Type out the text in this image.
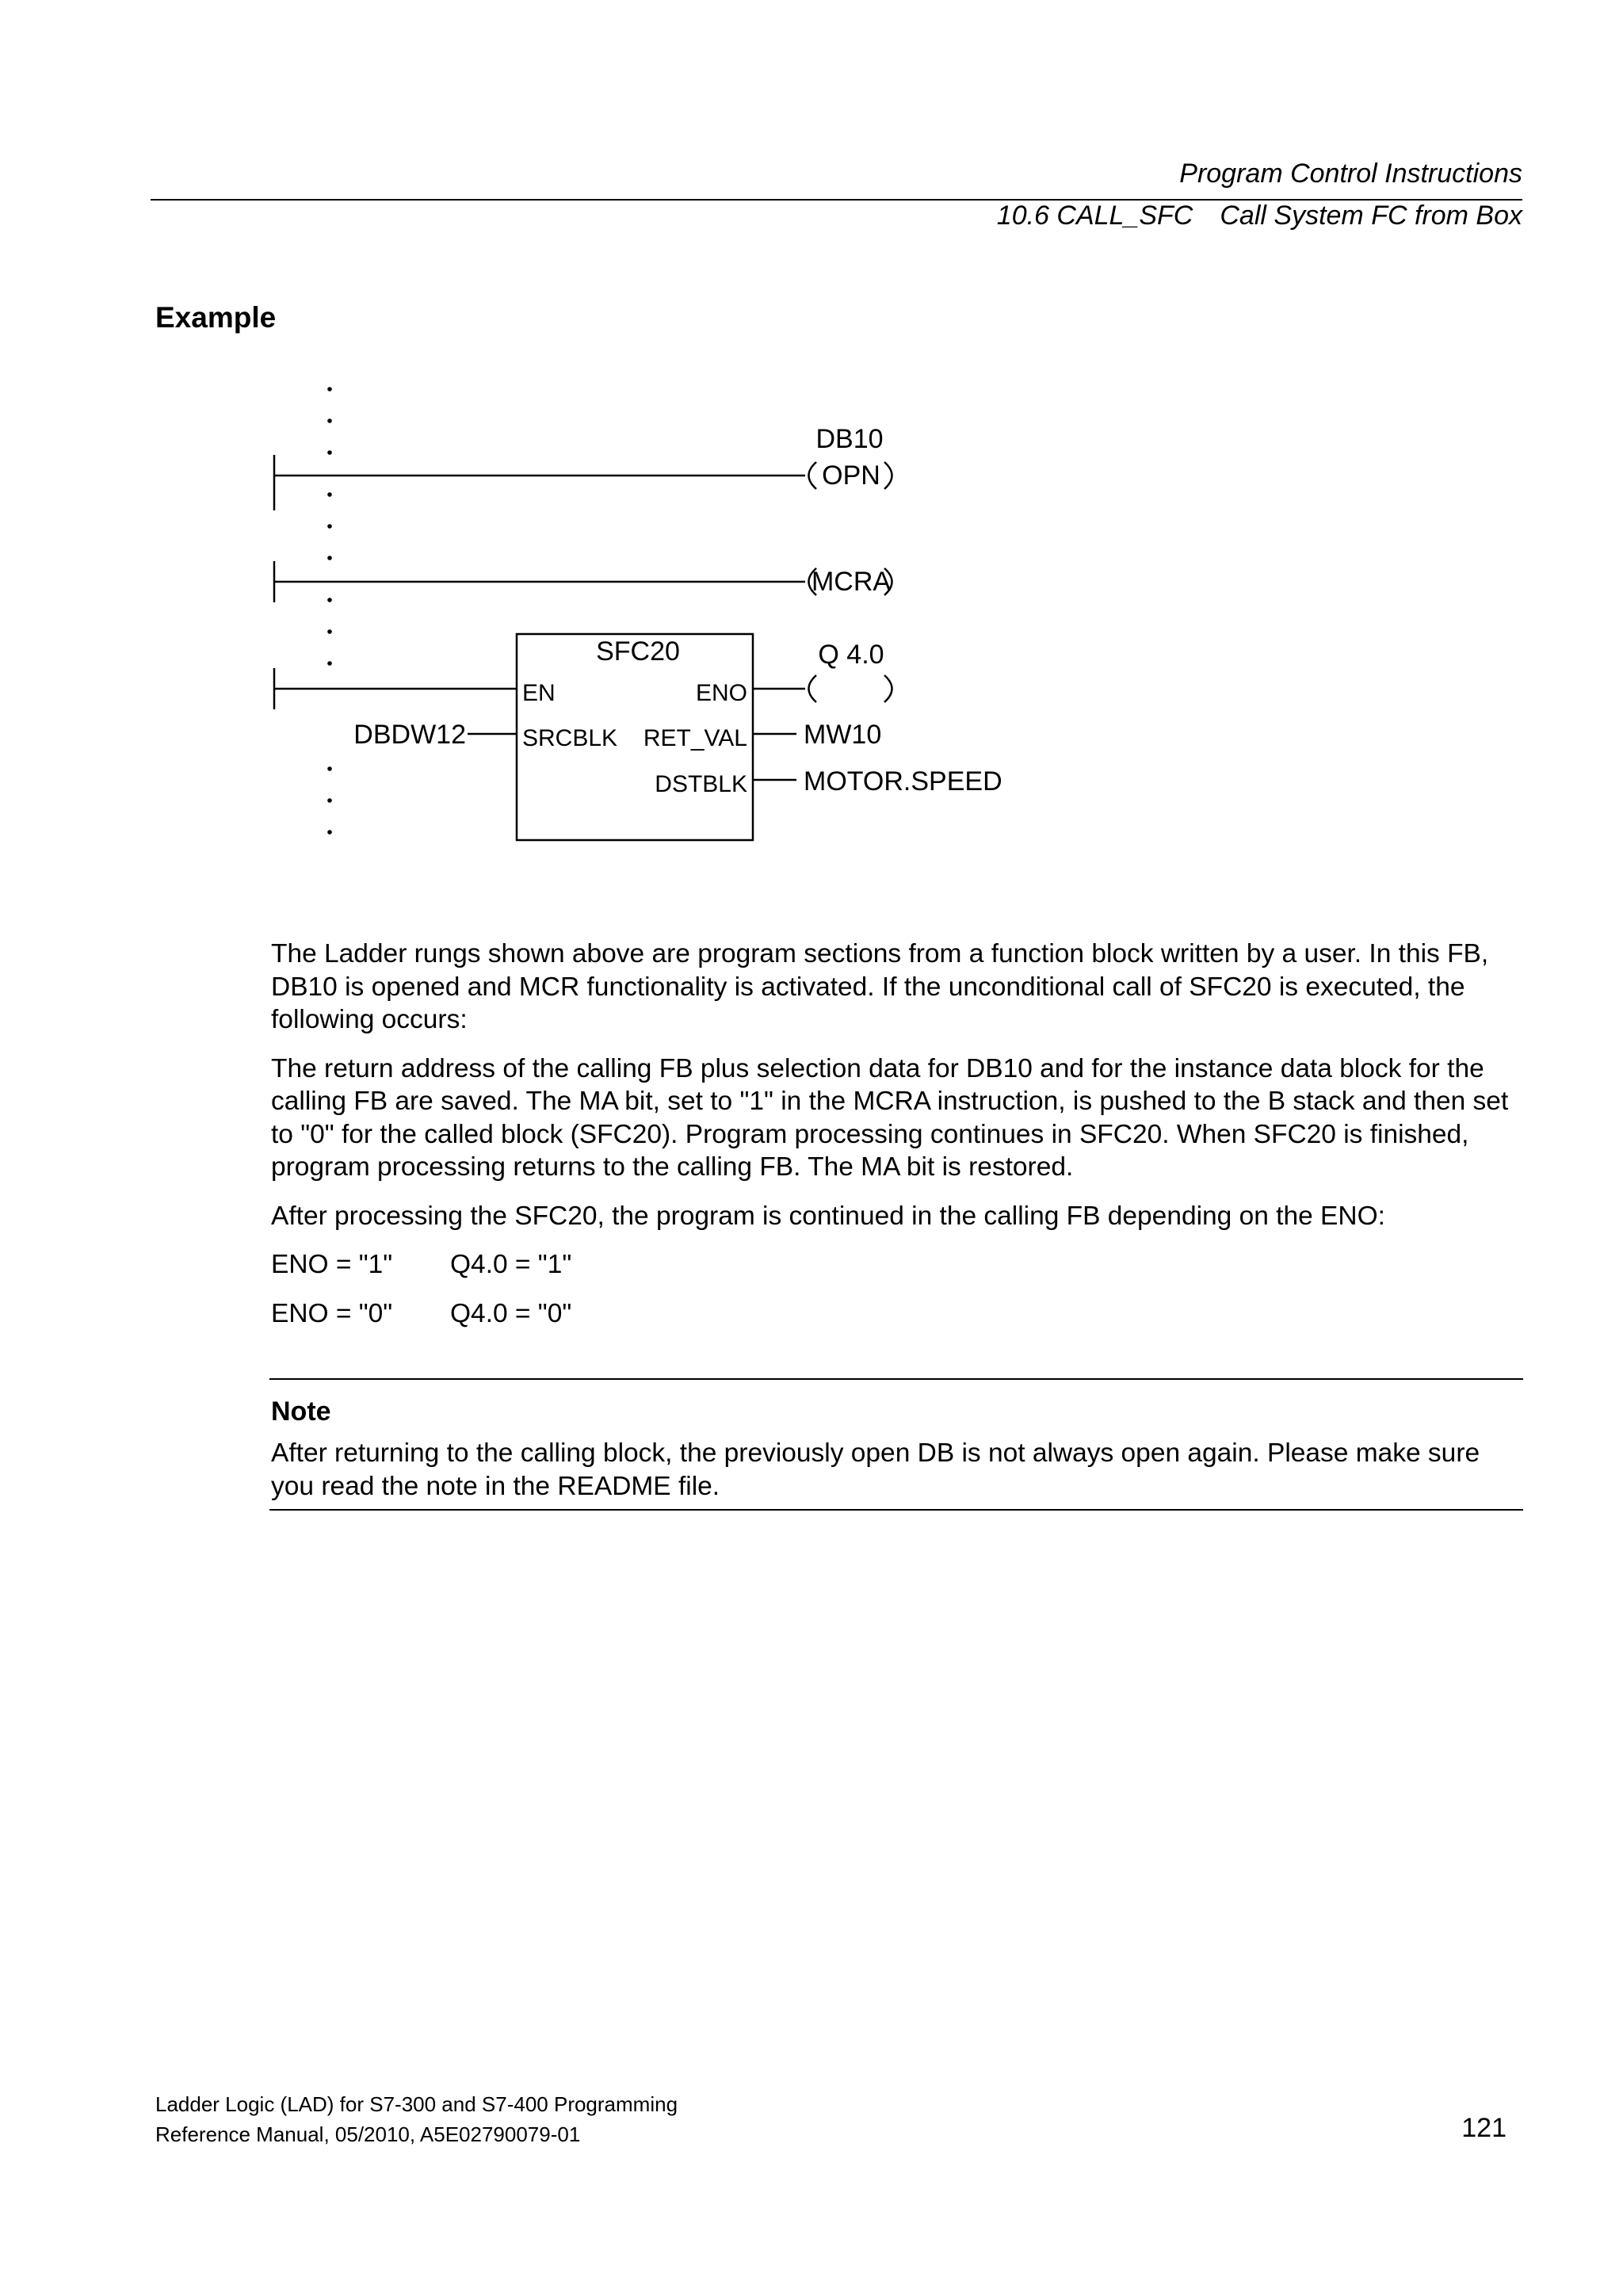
Program Control Instructions
10.6 CALL_SFC Call System FC from Box
Example
DB10
OPN
MCRA
SFC20
EN	ENO
SRCBLK RET_VAL
DSTBLK
DBDW12
Q 4.0
MW10
MOTOR.SPEED

The Ladder rungs shown above are program sections from a function block written by a user. In this FB, DB10 is opened and MCR functionality is activated. If the unconditional call of SFC20 is executed, the following occurs:

The return address of the calling FB plus selection data for DB10 and for the instance data block for the calling FB are saved. The MA bit, set to "1" in the MCRA instruction, is pushed to the B stack and then set to "0" for the called block (SFC20). Program processing continues in SFC20. When SFC20 is finished, program processing returns to the calling FB. The MA bit is restored.

After processing the SFC20, the program is continued in the calling FB depending on the ENO:

ENO = "1"	Q4.0 = "1"
ENO = "0"	Q4.0 = "0"
Note
After returning to the calling block, the previously open DB is not always open again. Please make sure you read the note in the README file.
Ladder Logic (LAD) for S7-300 and S7-400 Programming
Reference Manual, 05/2010, A5E02790079-01	121
